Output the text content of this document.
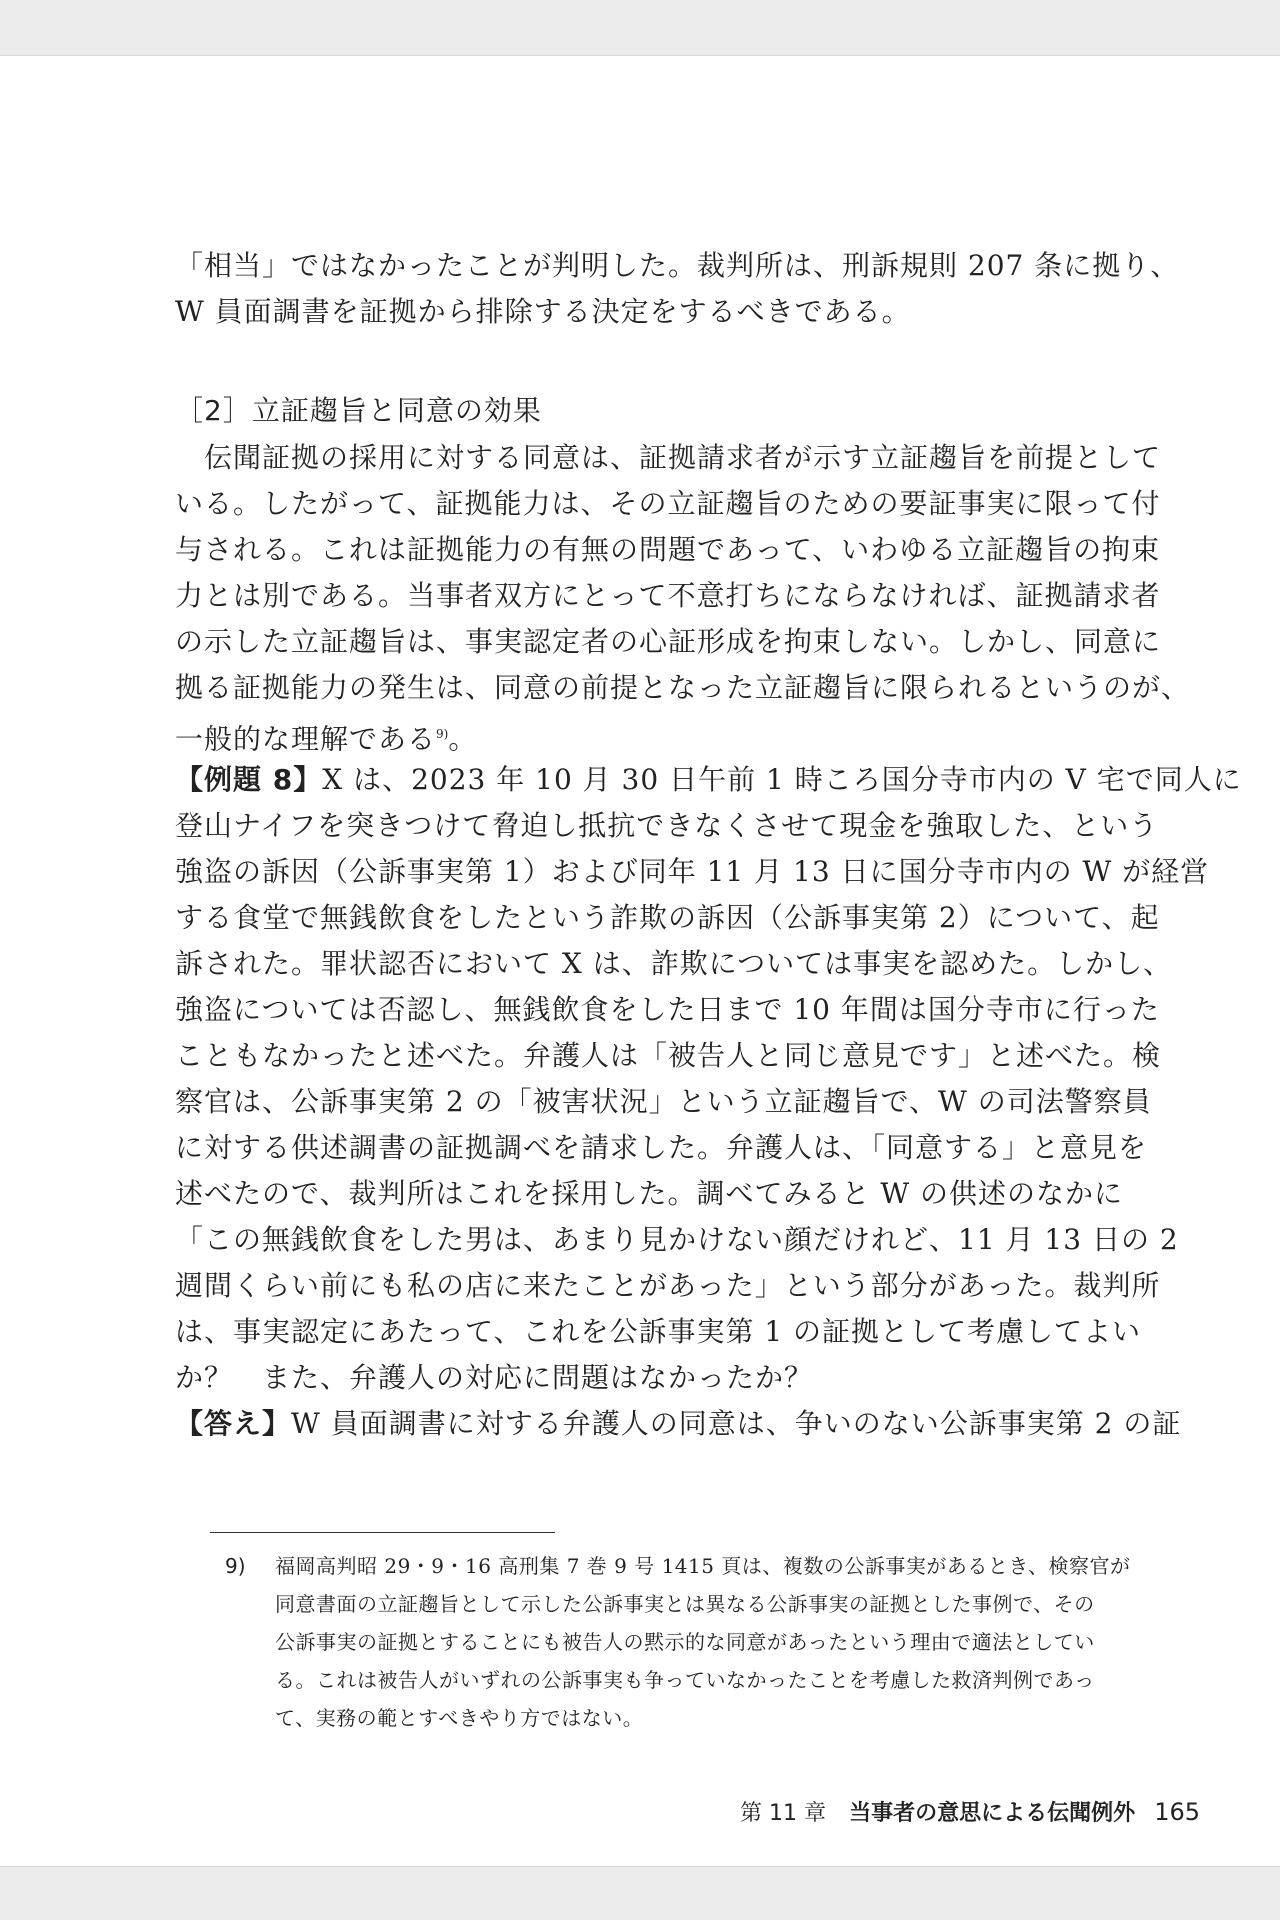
「相当」ではなかったことが判明した。裁判所は、刑訴規則 207 条に拠り、
W 員面調書を証拠から排除する決定をするべきである。
［2］立証趨旨と同意の効果
　伝聞証拠の採用に対する同意は、証拠請求者が示す立証趨旨を前提として
いる。したがって、証拠能力は、その立証趨旨のための要証事実に限って付
与される。これは証拠能力の有無の問題であって、いわゆる立証趨旨の拘束
力とは別である。当事者双方にとって不意打ちにならなければ、証拠請求者
の示した立証趨旨は、事実認定者の心証形成を拘束しない。しかし、同意に
拠る証拠能力の発生は、同意の前提となった立証趨旨に限られるというのが、
一般的な理解である$^{9)}$。
【例題 8】X は、2023 年 10 月 30 日午前 1 時ころ国分寺市内の V 宅で同人に
登山ナイフを突きつけて脅迫し抵抗できなくさせて現金を強取した、という
強盗の訴因（公訴事実第 1）および同年 11 月 13 日に国分寺市内の W が経営
する食堂で無銭飲食をしたという詐欺の訴因（公訴事実第 2）について、起
訴された。罪状認否において X は、詐欺については事実を認めた。しかし、
強盗については否認し、無銭飲食をした日まで 10 年間は国分寺市に行った
こともなかったと述べた。弁護人は「被告人と同じ意見です」と述べた。検
察官は、公訴事実第 2 の「被害状況」という立証趨旨で、W の司法警察員
に対する供述調書の証拠調べを請求した。弁護人は、「同意する」と意見を
述べたので、裁判所はこれを採用した。調べてみると W の供述のなかに
「この無銭飲食をした男は、あまり見かけない顔だけれど、11 月 13 日の 2
週間くらい前にも私の店に来たことがあった」という部分があった。裁判所
は、事実認定にあたって、これを公訴事実第 1 の証拠として考慮してよい
か？　また、弁護人の対応に問題はなかったか？
【答え】W 員面調書に対する弁護人の同意は、争いのない公訴事実第 2 の証
9) 福岡高判昭 29・9・16 高刑集 7 巻 9 号 1415 頁は、複数の公訴事実があるとき、検察官が
同意書面の立証趨旨として示した公訴事実とは異なる公訴事実の証拠とした事例で、その
公訴事実の証拠とすることにも被告人の黙示的な同意があったという理由で適法としてい
る。これは被告人がいずれの公訴事実も争っていなかったことを考慮した救済判例であっ
て、実務の範とすべきやり方ではない。
第 11 章 当事者の意思による伝聞例外 165
